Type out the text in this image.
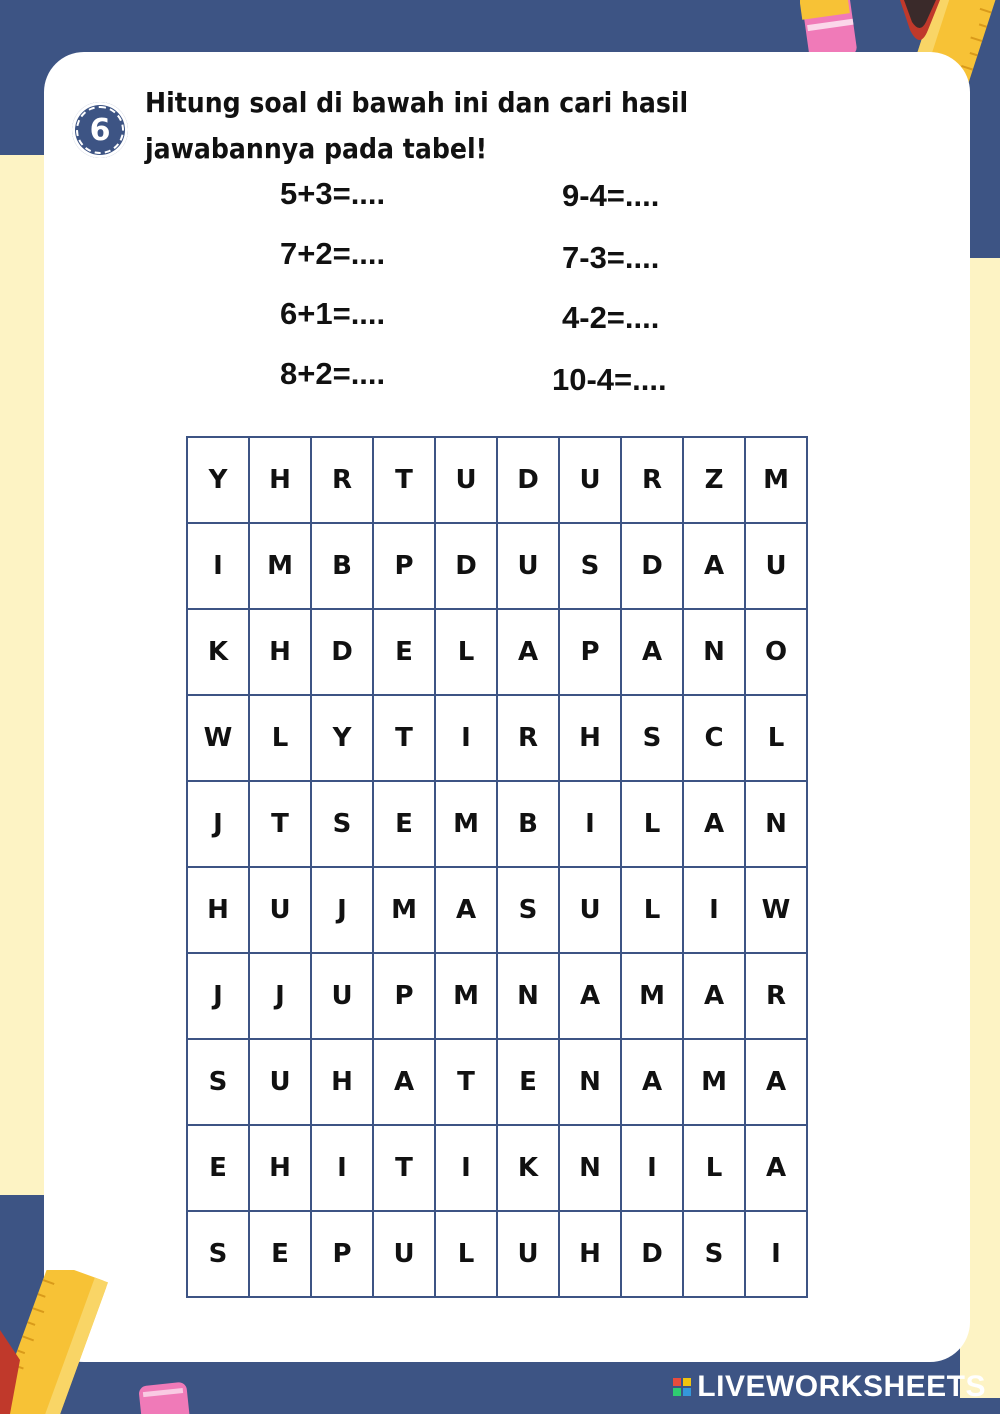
6
Hitung soal di bawah ini dan cari hasil
jawabannya pada tabel!
5+3=....
7+2=....
6+1=....
8+2=....
9-4=....
7-3=....
4-2=....
10-4=....
Y	H	R	T	U	D	U	R	Z	M
I	M	B	P	D	U	S	D	A	U
K	H	D	E	L	A	P	A	N	O
W	L	Y	T	I	R	H	S	C	L
J	T	S	E	M	B	I	L	A	N
H	U	J	M	A	S	U	L	I	W
J	J	U	P	M	N	A	M	A	R
S	U	H	A	T	E	N	A	M	A
E	H	I	T	I	K	N	I	L	A
S	E	P	U	L	U	H	D	S	I
LIVEWORKSHEETS
